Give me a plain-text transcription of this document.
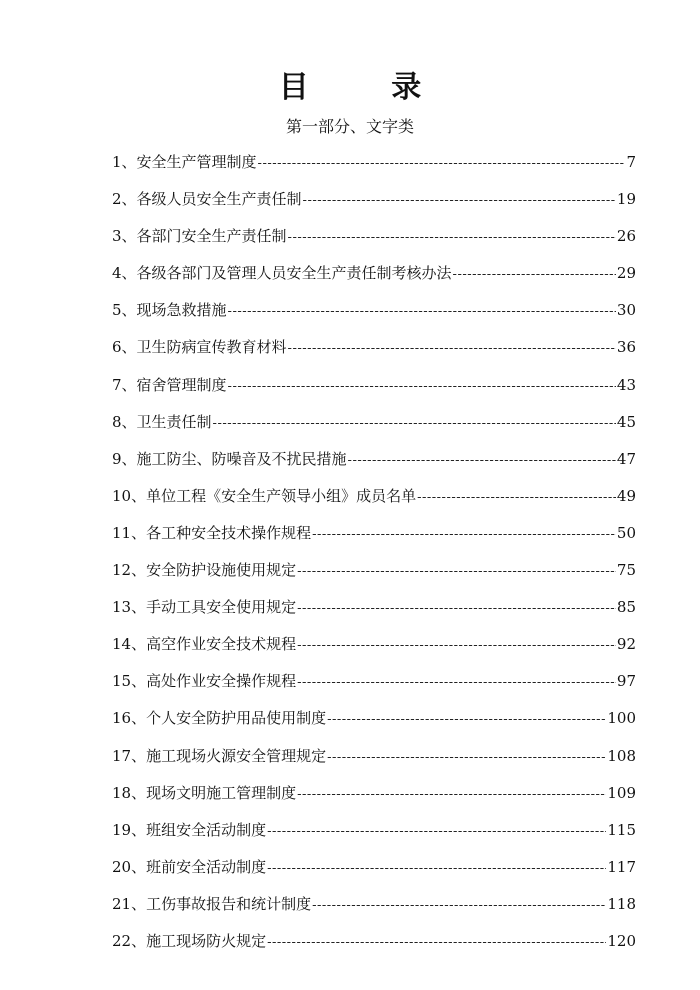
目 录
第一部分、文字类
1、安全生产管理制度 -----	7
2、各级人员安全生产责任制 -----	19
3、各部门安全生产责任制 -----	26
4、各级各部门及管理人员安全生产责任制考核办法 -----	29
5、现场急救措施 -----	30
6、卫生防病宣传教育材料 -----	36
7、宿舍管理制度 -----	43
8、卫生责任制 -----	45
9、施工防尘、防噪音及不扰民措施 -----	47
10、单位工程《安全生产领导小组》成员名单 -----	49
11、各工种安全技术操作规程 -----	50
12、安全防护设施使用规定 -----	75
13、手动工具安全使用规定 -----	85
14、高空作业安全技术规程 -----	92
15、高处作业安全操作规程 -----	97
16、个人安全防护用品使用制度 -----	100
17、施工现场火源安全管理规定 -----	108
18、现场文明施工管理制度 -----	109
19、班组安全活动制度 -----	115
20、班前安全活动制度 -----	117
21、工伤事故报告和统计制度 -----	118
22、施工现场防火规定 -----	120
